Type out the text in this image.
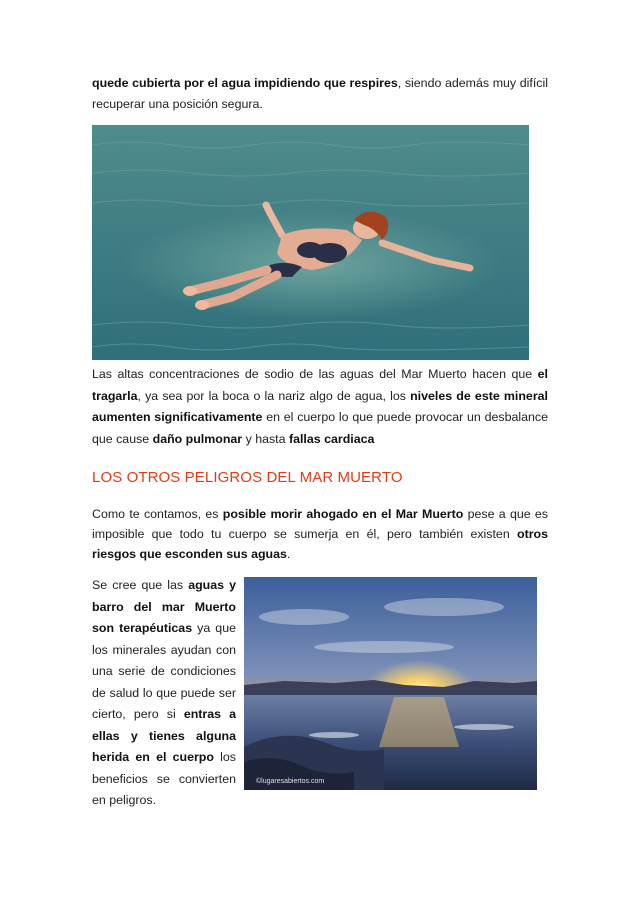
quede cubierta por el agua impidiendo que respires, siendo además muy difícil recuperar una posición segura.

Las altas concentraciones de sodio de las aguas del Mar Muerto hacen que el tragarla, ya sea por la boca o la nariz algo de agua, los niveles de este mineral aumenten significativamente en el cuerpo lo que puede provocar un desbalance que cause daño pulmonar y hasta fallas cardiaca

LOS OTROS PELIGROS DEL MAR MUERTO

Como te contamos, es posible morir ahogado en el Mar Muerto pese a que es imposible que todo tu cuerpo se sumerja en él, pero también existen otros riesgos que esconden sus aguas.

Se cree que las aguas y barro del mar Muerto son terapéuticas ya que los minerales ayudan con una serie de condiciones de salud lo que puede ser cierto, pero si entras a ellas y tienes alguna herida en el cuerpo los beneficios se convierten en peligros.

©lugaresabiertos.com
